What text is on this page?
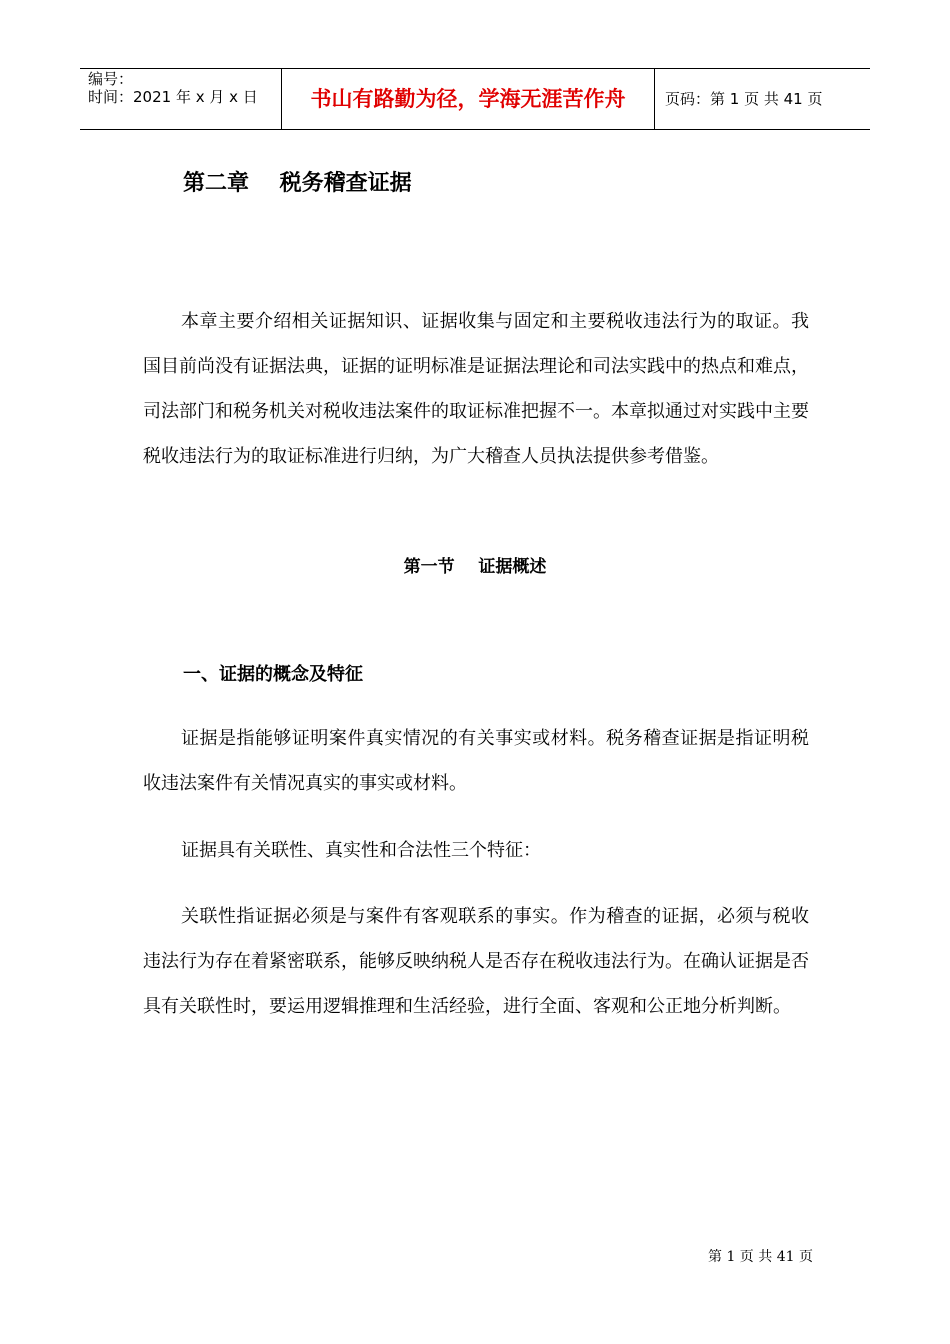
编号：
时间：2021 年 x 月 x 日	书山有路勤为径，学海无涯苦作舟	页码：第 1 页 共 41 页
第二章    税务稽查证据

本章主要介绍相关证据知识、证据收集与固定和主要税收违法行为的取证。我国目前尚没有证据法典，证据的证明标准是证据法理论和司法实践中的热点和难点，司法部门和税务机关对税收违法案件的取证标准把握不一。本章拟通过对实践中主要税收违法行为的取证标准进行归纳，为广大稽查人员执法提供参考借鉴。

第一节    证据概述
一、证据的概念及特征

证据是指能够证明案件真实情况的有关事实或材料。税务稽查证据是指证明税收违法案件有关情况真实的事实或材料。

证据具有关联性、真实性和合法性三个特征：

关联性指证据必须是与案件有客观联系的事实。作为稽查的证据，必须与税收违法行为存在着紧密联系，能够反映纳税人是否存在税收违法行为。在确认证据是否具有关联性时，要运用逻辑推理和生活经验，进行全面、客观和公正地分析判断。

第 1 页 共 41 页
